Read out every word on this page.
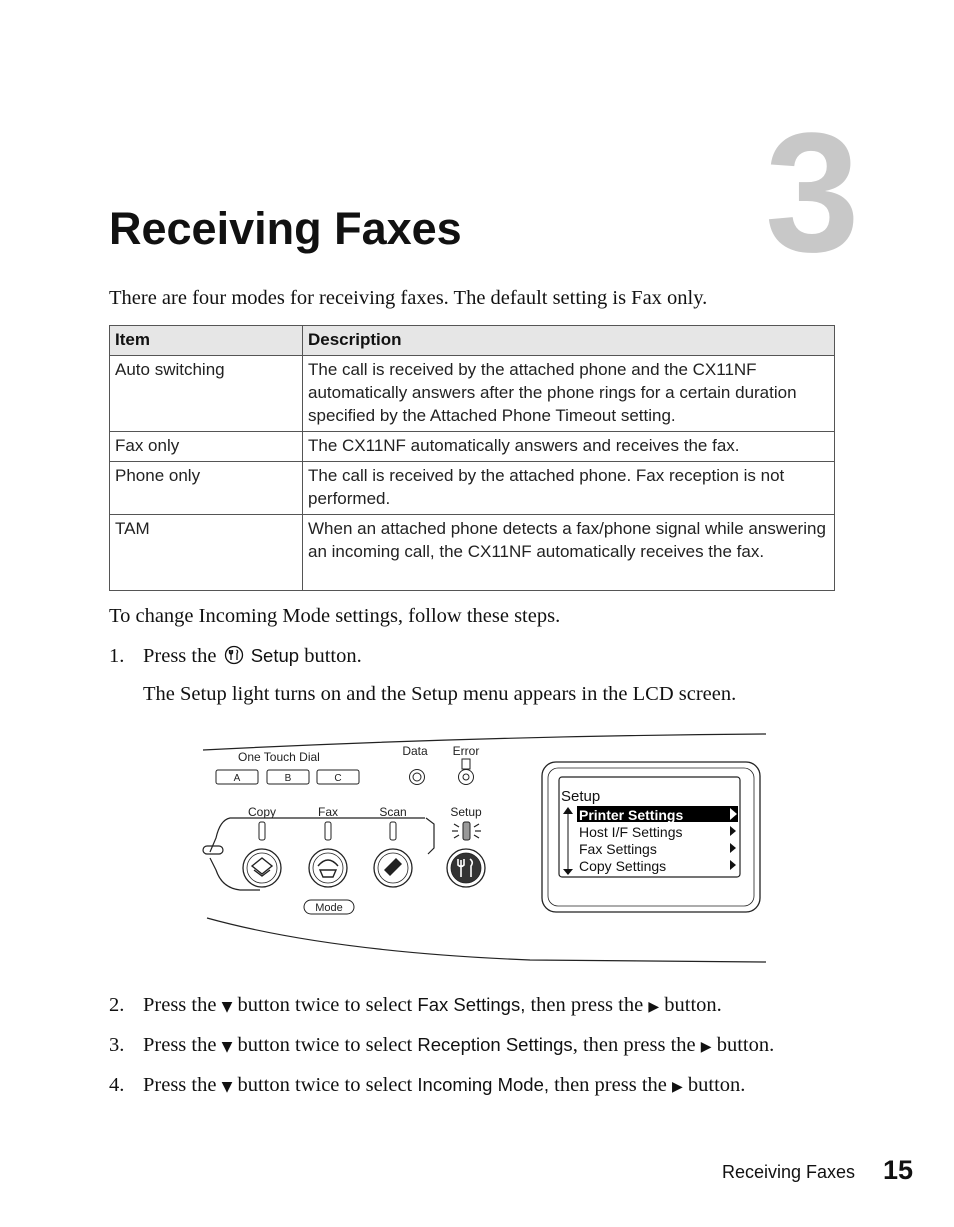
3
Receiving Faxes
There are four modes for receiving faxes. The default setting is Fax only.
Item	Description
Auto switching	The call is received by the attached phone and the CX11NF automatically answers after the phone rings for a certain duration specified by the Attached Phone Timeout setting.
Fax only	The CX11NF automatically answers and receives the fax.
Phone only	The call is received by the attached phone. Fax reception is not performed.
TAM	When an attached phone detects a fax/phone signal while answering an incoming call, the CX11NF automatically receives the fax.
To change Incoming Mode settings, follow these steps.
1. Press the Setup button.
The Setup light turns on and the Setup menu appears in the LCD screen.
One Touch Dial
A	B	C
Data Error
Copy	Fax	Scan	Setup
Mode
Setup
Printer Settings
Host I/F Settings
Fax Settings
Copy Settings
2. Press the ▼ button twice to select Fax Settings, then press the ▶ button.
3. Press the ▼ button twice to select Reception Settings, then press the ▶ button.
4. Press the ▼ button twice to select Incoming Mode, then press the ▶ button.
Receiving Faxes 15
